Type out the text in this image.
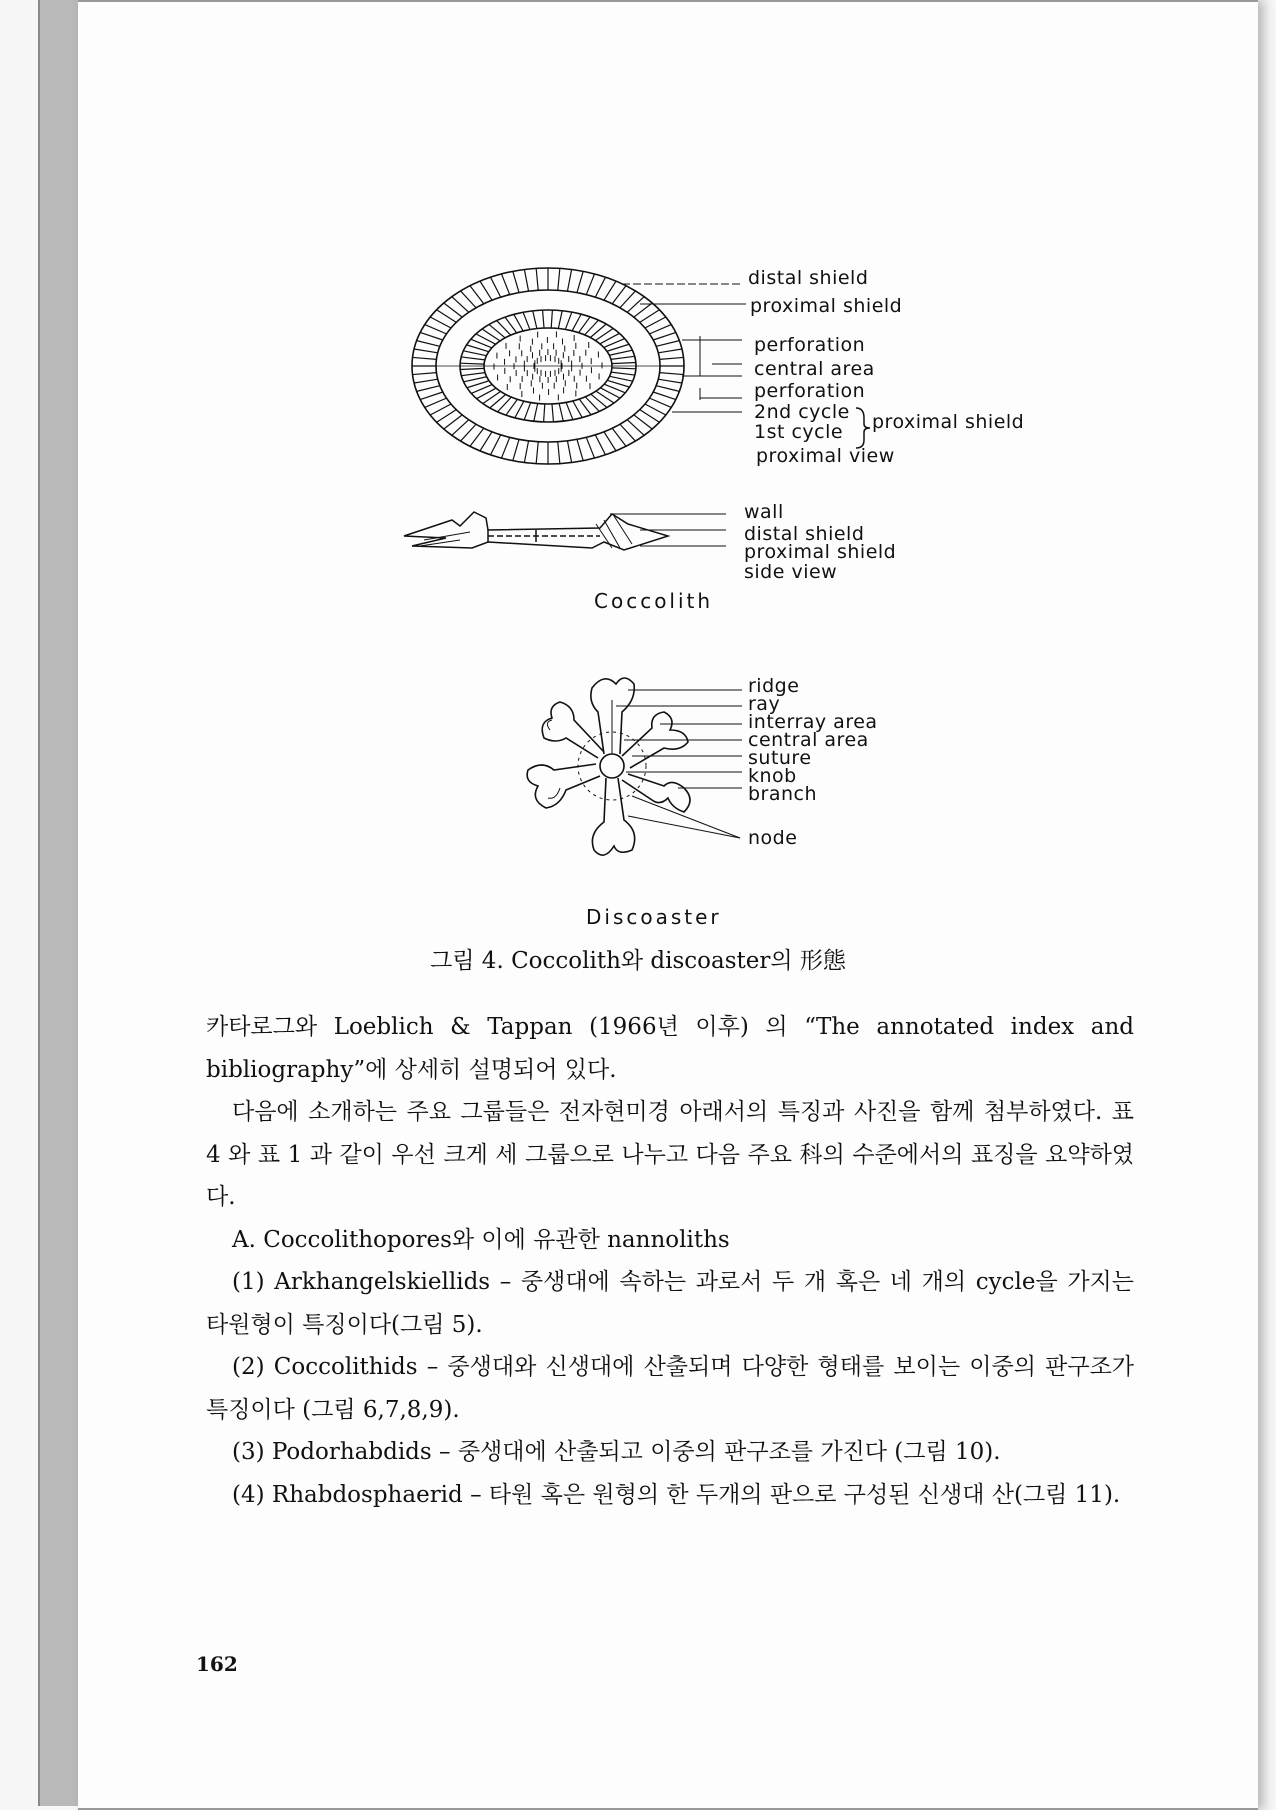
distal shield
proximal shield
perforation
central area
perforation
2nd cycle
1st cycle proximal shield
proximal view
wall
distal shield
proximal shield
side view
Coccolith
ridge
ray
interray area
central area
suture
knob
branch
node
Discoaster
그림 4. Coccolith와 discoaster의 形態

카타로그와 Loeblich & Tappan (1966년 이후) 의 “The annotated index and bibliography”에 상세히 설명되어 있다.

다음에 소개하는 주요 그룹들은 전자현미경 아래서의 특징과 사진을 함께 첨부하였다. 표 4 와 표 1 과 같이 우선 크게 세 그룹으로 나누고 다음 주요 科의 수준에서의 표징을 요약하였다.

A. Coccolithopores와 이에 유관한 nannoliths

(1) Arkhangelskiellids – 중생대에 속하는 과로서 두 개 혹은 네 개의 cycle을 가지는 타원형이 특징이다(그림 5).

(2) Coccolithids – 중생대와 신생대에 산출되며 다양한 형태를 보이는 이중의 판구조가 특징이다 (그림 6,7,8,9).

(3) Podorhabdids – 중생대에 산출되고 이중의 판구조를 가진다 (그림 10).

(4) Rhabdosphaerid – 타원 혹은 원형의 한 두개의 판으로 구성된 신생대 산(그림 11).

162
